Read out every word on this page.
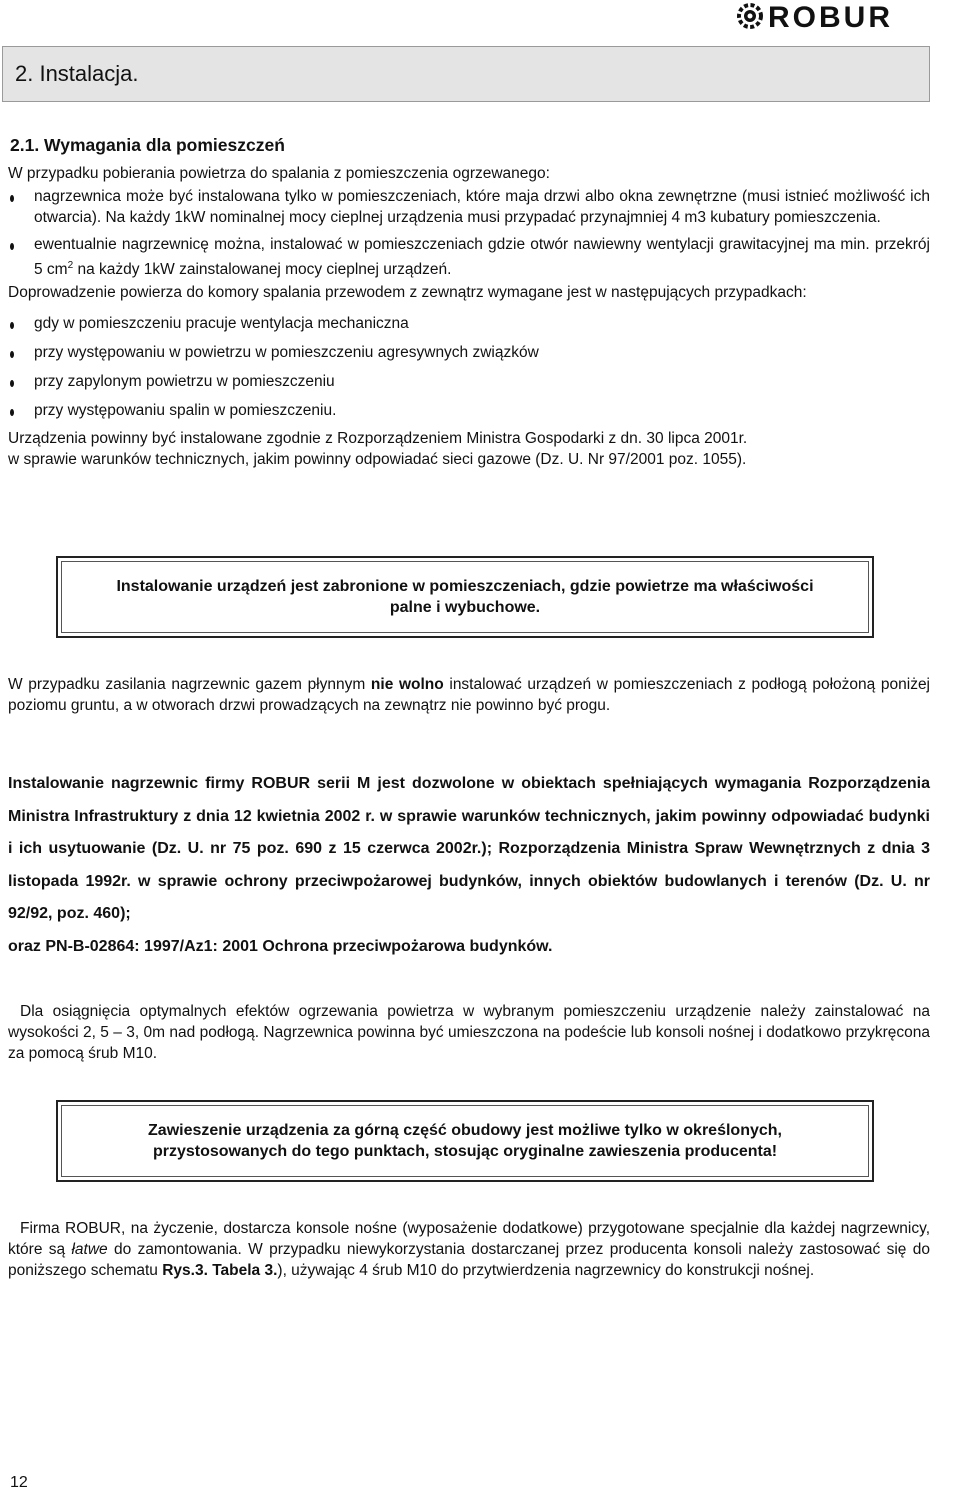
ROBUR
2. Instalacja.
2.1. Wymagania dla pomieszczeń

W przypadku pobierania powietrza do spalania z pomieszczenia ogrzewanego:

nagrzewnica może być instalowana tylko w pomieszczeniach, które maja drzwi albo okna zewnętrzne (musi istnieć możliwość ich otwarcia). Na każdy 1kW nominalnej mocy cieplnej urządzenia musi przypadać przynajmniej 4 m3 kubatury pomieszczenia.
ewentualnie nagrzewnicę można, instalować w pomieszczeniach gdzie otwór nawiewny wentylacji grawitacyjnej ma min. przekrój 5 $cm^2$ na każdy 1kW zainstalowanej mocy cieplnej urządzeń.

Doprowadzenie powierza do komory spalania przewodem z zewnątrz wymagane jest w następujących przypadkach:

gdy w pomieszczeniu pracuje wentylacja mechaniczna
przy występowaniu w powietrzu w pomieszczeniu agresywnych związków
przy zapylonym powietrzu w pomieszczeniu
przy występowaniu spalin w pomieszczeniu.

Urządzenia powinny być instalowane zgodnie z Rozporządzeniem Ministra Gospodarki z dn. 30 lipca 2001r.

w sprawie warunków technicznych, jakim powinny odpowiadać sieci gazowe (Dz. U. Nr 97/2001 poz. 1055).

Instalowanie urządzeń jest zabronione w pomieszczeniach, gdzie powietrze ma właściwości palne i wybuchowe.
W przypadku zasilania nagrzewnic gazem płynnym nie wolno instalować urządzeń w pomieszczeniach z podłogą położoną poniżej poziomu gruntu, a w otworach drzwi prowadzących na zewnątrz nie powinno być progu.
Instalowanie nagrzewnic firmy ROBUR serii M jest dozwolone w obiektach spełniających wymagania Rozporządzenia Ministra Infrastruktury z dnia 12 kwietnia 2002 r. w sprawie warunków technicznych, jakim powinny odpowiadać budynki i ich usytuowanie (Dz. U. nr 75 poz. 690 z 15 czerwca 2002r.); Rozporządzenia Ministra Spraw Wewnętrznych z dnia 3 listopada 1992r. w sprawie ochrony przeciwpożarowej budynków, innych obiektów budowlanych i terenów (Dz. U. nr 92/92, poz. 460);
oraz PN-B-02864: 1997/Az1: 2001 Ochrona przeciwpożarowa budynków.
Dla osiągnięcia optymalnych efektów ogrzewania powietrza w wybranym pomieszczeniu urządzenie należy zainstalować na wysokości 2, 5 – 3, 0m nad podłogą. Nagrzewnica powinna być umieszczona na podeście lub konsoli nośnej i dodatkowo przykręcona za pomocą śrub M10.
Zawieszenie urządzenia za górną część obudowy jest możliwe tylko w określonych, przystosowanych do tego punktach, stosując oryginalne zawieszenia producenta!
Firma ROBUR, na życzenie, dostarcza konsole nośne (wyposażenie dodatkowe) przygotowane specjalnie dla każdej nagrzewnicy, które są łatwe do zamontowania. W przypadku niewykorzystania dostarczanej przez producenta konsoli należy zastosować się do poniższego schematu Rys.3. Tabela 3.), używając 4 śrub M10 do przytwierdzenia nagrzewnicy do konstrukcji nośnej.
12
